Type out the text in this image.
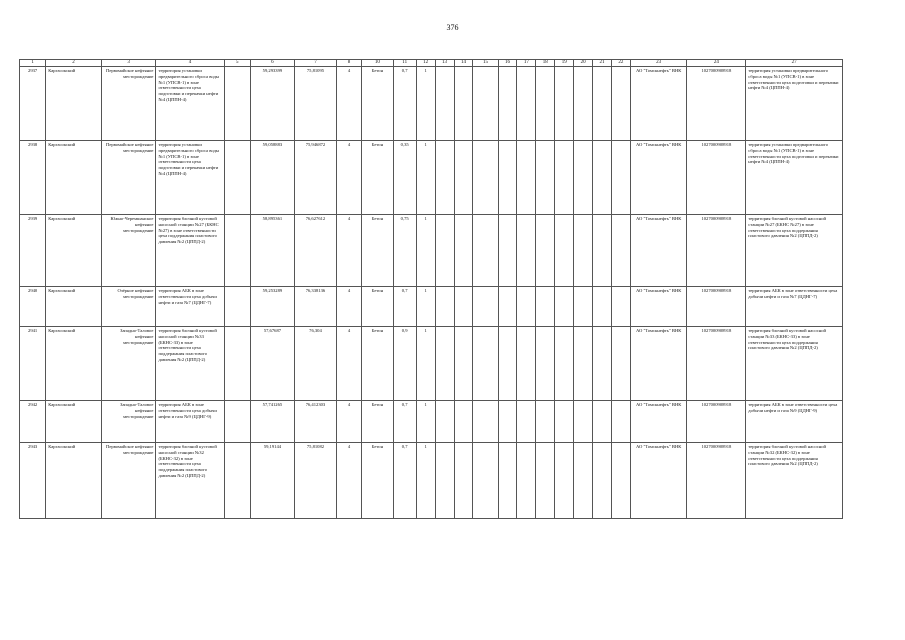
376
1	2	3	4	5	6	7	8	10	11	12	13	14	15	16	17	18	19	20	21	22	23	24	27
2937	Каргасокский	Первомайское нефтяное месторождение	территория установки предварительного сброса воды №1 (УПСВ-1) в зоне ответственности цеха подготовки и перекачки нефти №4 (ЦППН-4)		59,293399	75,81095	4	Бетон	0,7	1											АО "Томскнефть" ВНК	1027000908918	территория установки предварительного сброса воды №1 (УПСВ-1) в зоне ответственности цеха подготовки и перекачки нефти №4 (ЦППН-4)
2938	Каргасокский	Первомайское нефтяное месторождение	территория установки предварительного сброса воды №1 (УПСВ-1) в зоне ответственности цеха подготовки и перекачки нефти №4 (ЦППН-4)		59,058883	75,946872	4	Бетон	0,35	1											АО "Томскнефть" ВНК	1027000908918	территория установки предварительного сброса воды №1 (УПСВ-1) в зоне ответственности цеха подготовки и перекачки нефти №4 (ЦППН-4)
2939	Каргасокский	Южно-Черемшанское нефтяное месторождение	территория блочной кустовой насосной станции №27 (БКНС №27) в зоне ответственности цеха поддержания пластового давления №2 (ЦППД-2)		58,895361	76,627612	4	Бетон	0,75	1											АО "Томскнефть" ВНК	1027000908918	территория блочной кустовой насосной станции №27 (БКНС №27) в зоне ответственности цеха поддержания пластового давления №2 (ЦППД-2)
2940	Каргасокский	Озёрное нефтяное месторождение	территория АБК в зоне ответственности цеха добычи нефти и газа №7 (ЦДНГ-7)		59,253289	76,338136	4	Бетон	0,7	1											АО "Томскнефть" ВНК	1027000908918	территория АБК в зоне ответственности цеха добычи нефти и газа №7 (ЦДНГ-7)
2941	Каргасокский	Западно-Таловое нефтяное месторождение	территория блочной кустовой насосной станции №33 (БКНС-33) в зоне ответственности цеха поддержания пластового давления №2 (ЦППД-2)		57,67687	76,304	4	Бетон	0,9	1											АО "Томскнефть" ВНК	1027000908918	территория блочной кустовой насосной станции №33 (БКНС-33) в зоне ответственности цеха поддержания пластового давления №2 (ЦППД-2)
2942	Каргасокский	Западно-Таловое нефтяное месторождение	территория АБК в зоне ответственности цеха добычи нефти и газа №9 (ЦДНГ-9)		57,741265	76,412303	4	Бетон	0,7	1											АО "Томскнефть" ВНК	1027000908918	территория АБК в зоне ответственности цеха добычи нефти и газа №9 (ЦДНГ-9)
2943	Каргасокский	Первомайское нефтяное месторождение	территория блочной кустовой насосной станции №32 (БКНС-32) в зоне ответственности цеха поддержания пластового давления №2 (ЦППД-2)		59,19144	75,81082	4	Бетон	0,7	1											АО "Томскнефть" ВНК	1027000908918	территория блочной кустовой насосной станции №32 (БКНС-32) в зоне ответственности цеха поддержания пластового давления №2 (ЦППД-2)
